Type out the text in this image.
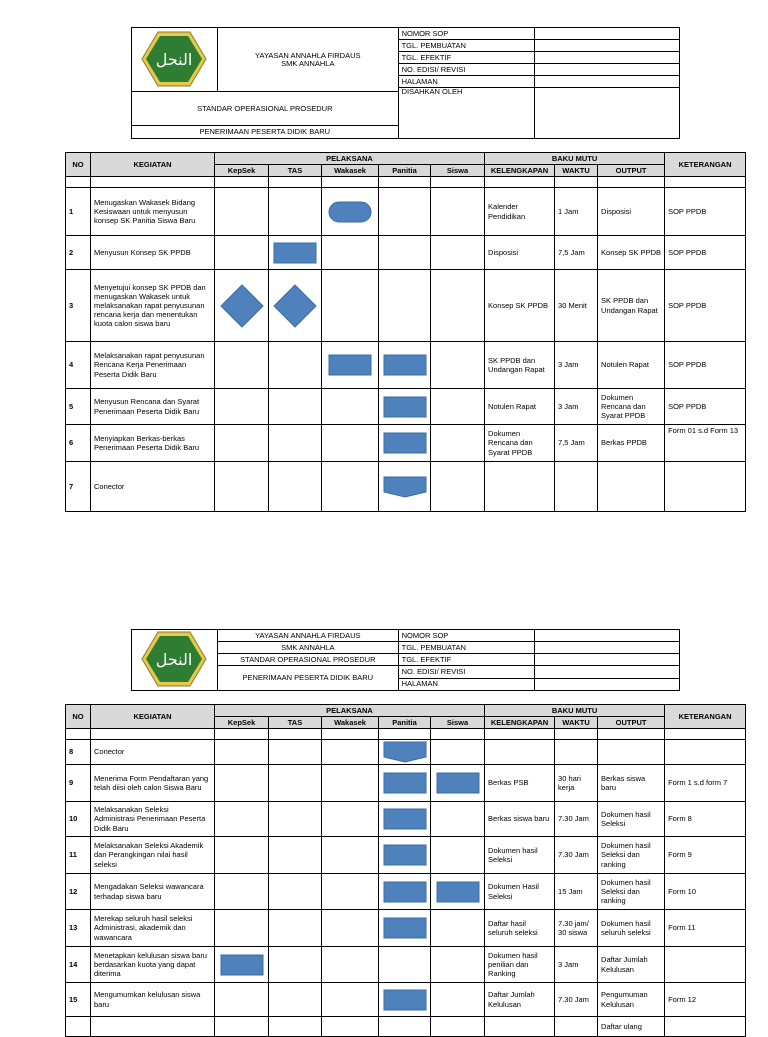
النحل	YAYASAN ANNAHLA FIRDAUS
SMK ANNAHLA	NOMOR SOP	
		TGL. PEMBUATAN	
		TGL. EFEKTIF	
		NO. EDISI/ REVISI	
		HALAMAN	
		DISAHKAN OLEH	
STANDAR OPERASIONAL PROSEDUR			
PENERIMAAN PESERTA DIDIK BARU			
NO	KEGIATAN	PELAKSANA					BAKU MUTU			KETERANGAN
		KepSek	TAS	Wakasek	Panitia	Siswa	KELENGKAPAN	WAKTU	OUTPUT	

1	Menugaskan Wakasek Bidang Kesiswaan untuk menyusun konsep SK Panitia Siswa Baru						Kalender Pendidikan	1 Jam	Disposisi	SOP PPDB
2	Menyusun Konsep SK PPDB						Disposisi	7,5 Jam	Konsep SK PPDB	SOP PPDB
3	Menyetujui konsep SK PPDB dan menugaskan Wakasek untuk melaksanakan rapat penyusunan rencana kerja dan menentukan kuota calon siswa baru						Konsep SK PPDB	30 Menit	SK PPDB dan Undangan Rapat	SOP PPDB
4	Melaksanakan rapat penyusunan Rencana Kerja Penerimaan Peserta Didik Baru						SK PPDB dan Undangan Rapat	3 Jam	Notulen Rapat	SOP PPDB
5	Menyusun Rencana dan Syarat Penerimaan Peserta Didik Baru						Notulen Rapat	3 Jam	Dokumen Rencana dan Syarat PPDB	SOP PPDB
6	Menyiapkan Berkas-berkas Penerimaan Peserta Didik Baru						Dokumen Rencana dan Syarat PPDB	7,5 Jam	Berkas PPDB	Form 01 s.d Form 13
7	Conector				

النحل	YAYASAN ANNAHLA FIRDAUS	NOMOR SOP	
	SMK ANNAHLA	TGL. PEMBUATAN	
	STANDAR OPERASIONAL PROSEDUR	TGL. EFEKTIF	
	PENERIMAAN PESERTA DIDIK BARU	NO. EDISI/ REVISI	
		HALAMAN	
NO	KEGIATAN	PELAKSANA					BAKU MUTU			KETERANGAN
		KepSek	TAS	Wakasek	Panitia	Siswa	KELENGKAPAN	WAKTU	OUTPUT	

8	Conector				

9	Menerima Form Pendaftaran yang telah diisi oleh calon Siswa Baru						Berkas PSB	30 hari kerja	Berkas siswa baru	Form 1 s.d form 7
10	Melaksanakan Seleksi Administrasi Penerimaan Peserta Didik Baru						Berkas siswa baru	7.30 Jam	Dokumen hasil Seleksi	Form 8
11	Melaksanakan Seleksi Akademik dan Perangkingan nilai hasil seleksi						Dokumen hasil Seleksi	7.30 Jam	Dokumen hasil Seleksi dan ranking	Form 9
12	Mengadakan Seleksi wawancara terhadap siswa baru						Dokumen Hasil Seleksi	15 Jam	Dokumen hasil Seleksi dan ranking	Form 10
13	Merekap seluruh hasil seleksi Administrasi, akademik dan wawancara						Daftar hasil seluruh seleksi	7.30 jam/ 30 siswa	Dokumen hasil seluruh seleksi	Form 11
14	Menetapkan kelulusan siswa baru berdasarkan kuota yang dapat diterima						Dokumen hasil penilian dan Ranking	3 Jam	Daftar Jumlah Kelulusan	
15	Mengumumkan kelulusan siswa baru						Daftar Jumlah Kelulusan	7.30 Jam	Pengumuman Kelulusan	Form 12
									Daftar ulang	
